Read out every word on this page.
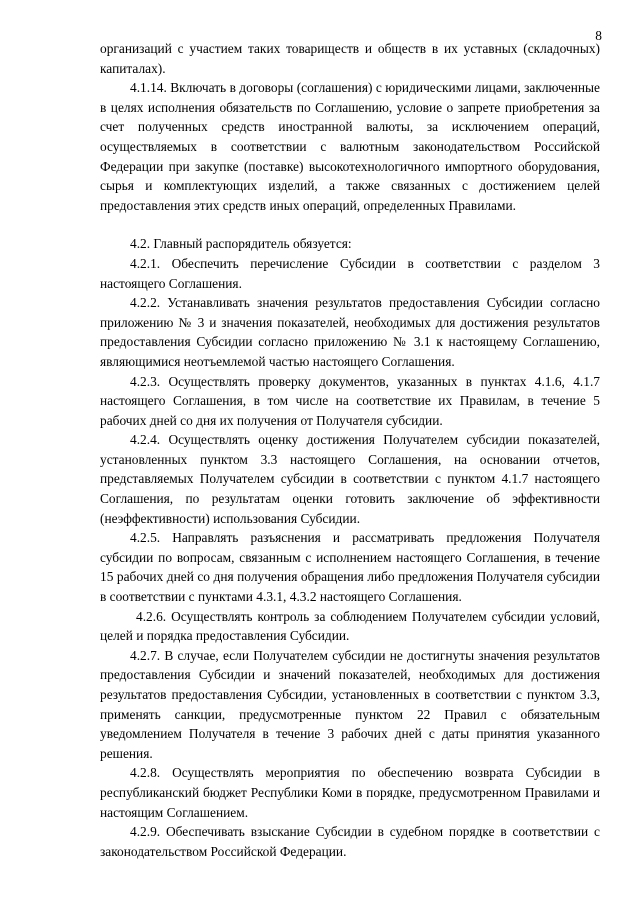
8

организаций с участием таких товариществ и обществ в их уставных (складочных) капиталах).

4.1.14. Включать в договоры (соглашения) с юридическими лицами, заключенные в целях исполнения обязательств по Соглашению, условие о запрете приобретения за счет полученных средств иностранной валюты, за исключением операций, осуществляемых в соответствии с валютным законодательством Российской Федерации при закупке (поставке) высокотехнологичного импортного оборудования, сырья и комплектующих изделий, а также связанных с достижением целей предоставления этих средств иных операций, определенных Правилами.

4.2. Главный распорядитель обязуется:

4.2.1. Обеспечить перечисление Субсидии в соответствии с разделом 3 настоящего Соглашения.

4.2.2. Устанавливать значения результатов предоставления Субсидии согласно приложению № 3 и значения показателей, необходимых для достижения результатов предоставления Субсидии согласно приложению № 3.1 к настоящему Соглашению, являющимися неотъемлемой частью настоящего Соглашения.

4.2.3. Осуществлять проверку документов, указанных в пунктах 4.1.6, 4.1.7 настоящего Соглашения, в том числе на соответствие их Правилам, в течение 5 рабочих дней со дня их получения от Получателя субсидии.

4.2.4. Осуществлять оценку достижения Получателем субсидии показателей, установленных пунктом 3.3 настоящего Соглашения, на основании отчетов, представляемых Получателем субсидии в соответствии с пунктом 4.1.7 настоящего Соглашения, по результатам оценки готовить заключение об эффективности (неэффективности) использования Субсидии.

4.2.5. Направлять разъяснения и рассматривать предложения Получателя субсидии по вопросам, связанным с исполнением настоящего Соглашения, в течение 15 рабочих дней со дня получения обращения либо предложения Получателя субсидии в соответствии с пунктами 4.3.1, 4.3.2 настоящего Соглашения.

4.2.6. Осуществлять контроль за соблюдением Получателем субсидии условий, целей и порядка предоставления Субсидии.

4.2.7. В случае, если Получателем субсидии не достигнуты значения результатов предоставления Субсидии и значений показателей, необходимых для достижения результатов предоставления Субсидии, установленных в соответствии с пунктом 3.3, применять санкции, предусмотренные пунктом 22 Правил с обязательным уведомлением Получателя в течение 3 рабочих дней с даты принятия указанного решения.

4.2.8. Осуществлять мероприятия по обеспечению возврата Субсидии в республиканский бюджет Республики Коми в порядке, предусмотренном Правилами и настоящим Соглашением.

4.2.9. Обеспечивать взыскание Субсидии в судебном порядке в соответствии с законодательством Российской Федерации.
